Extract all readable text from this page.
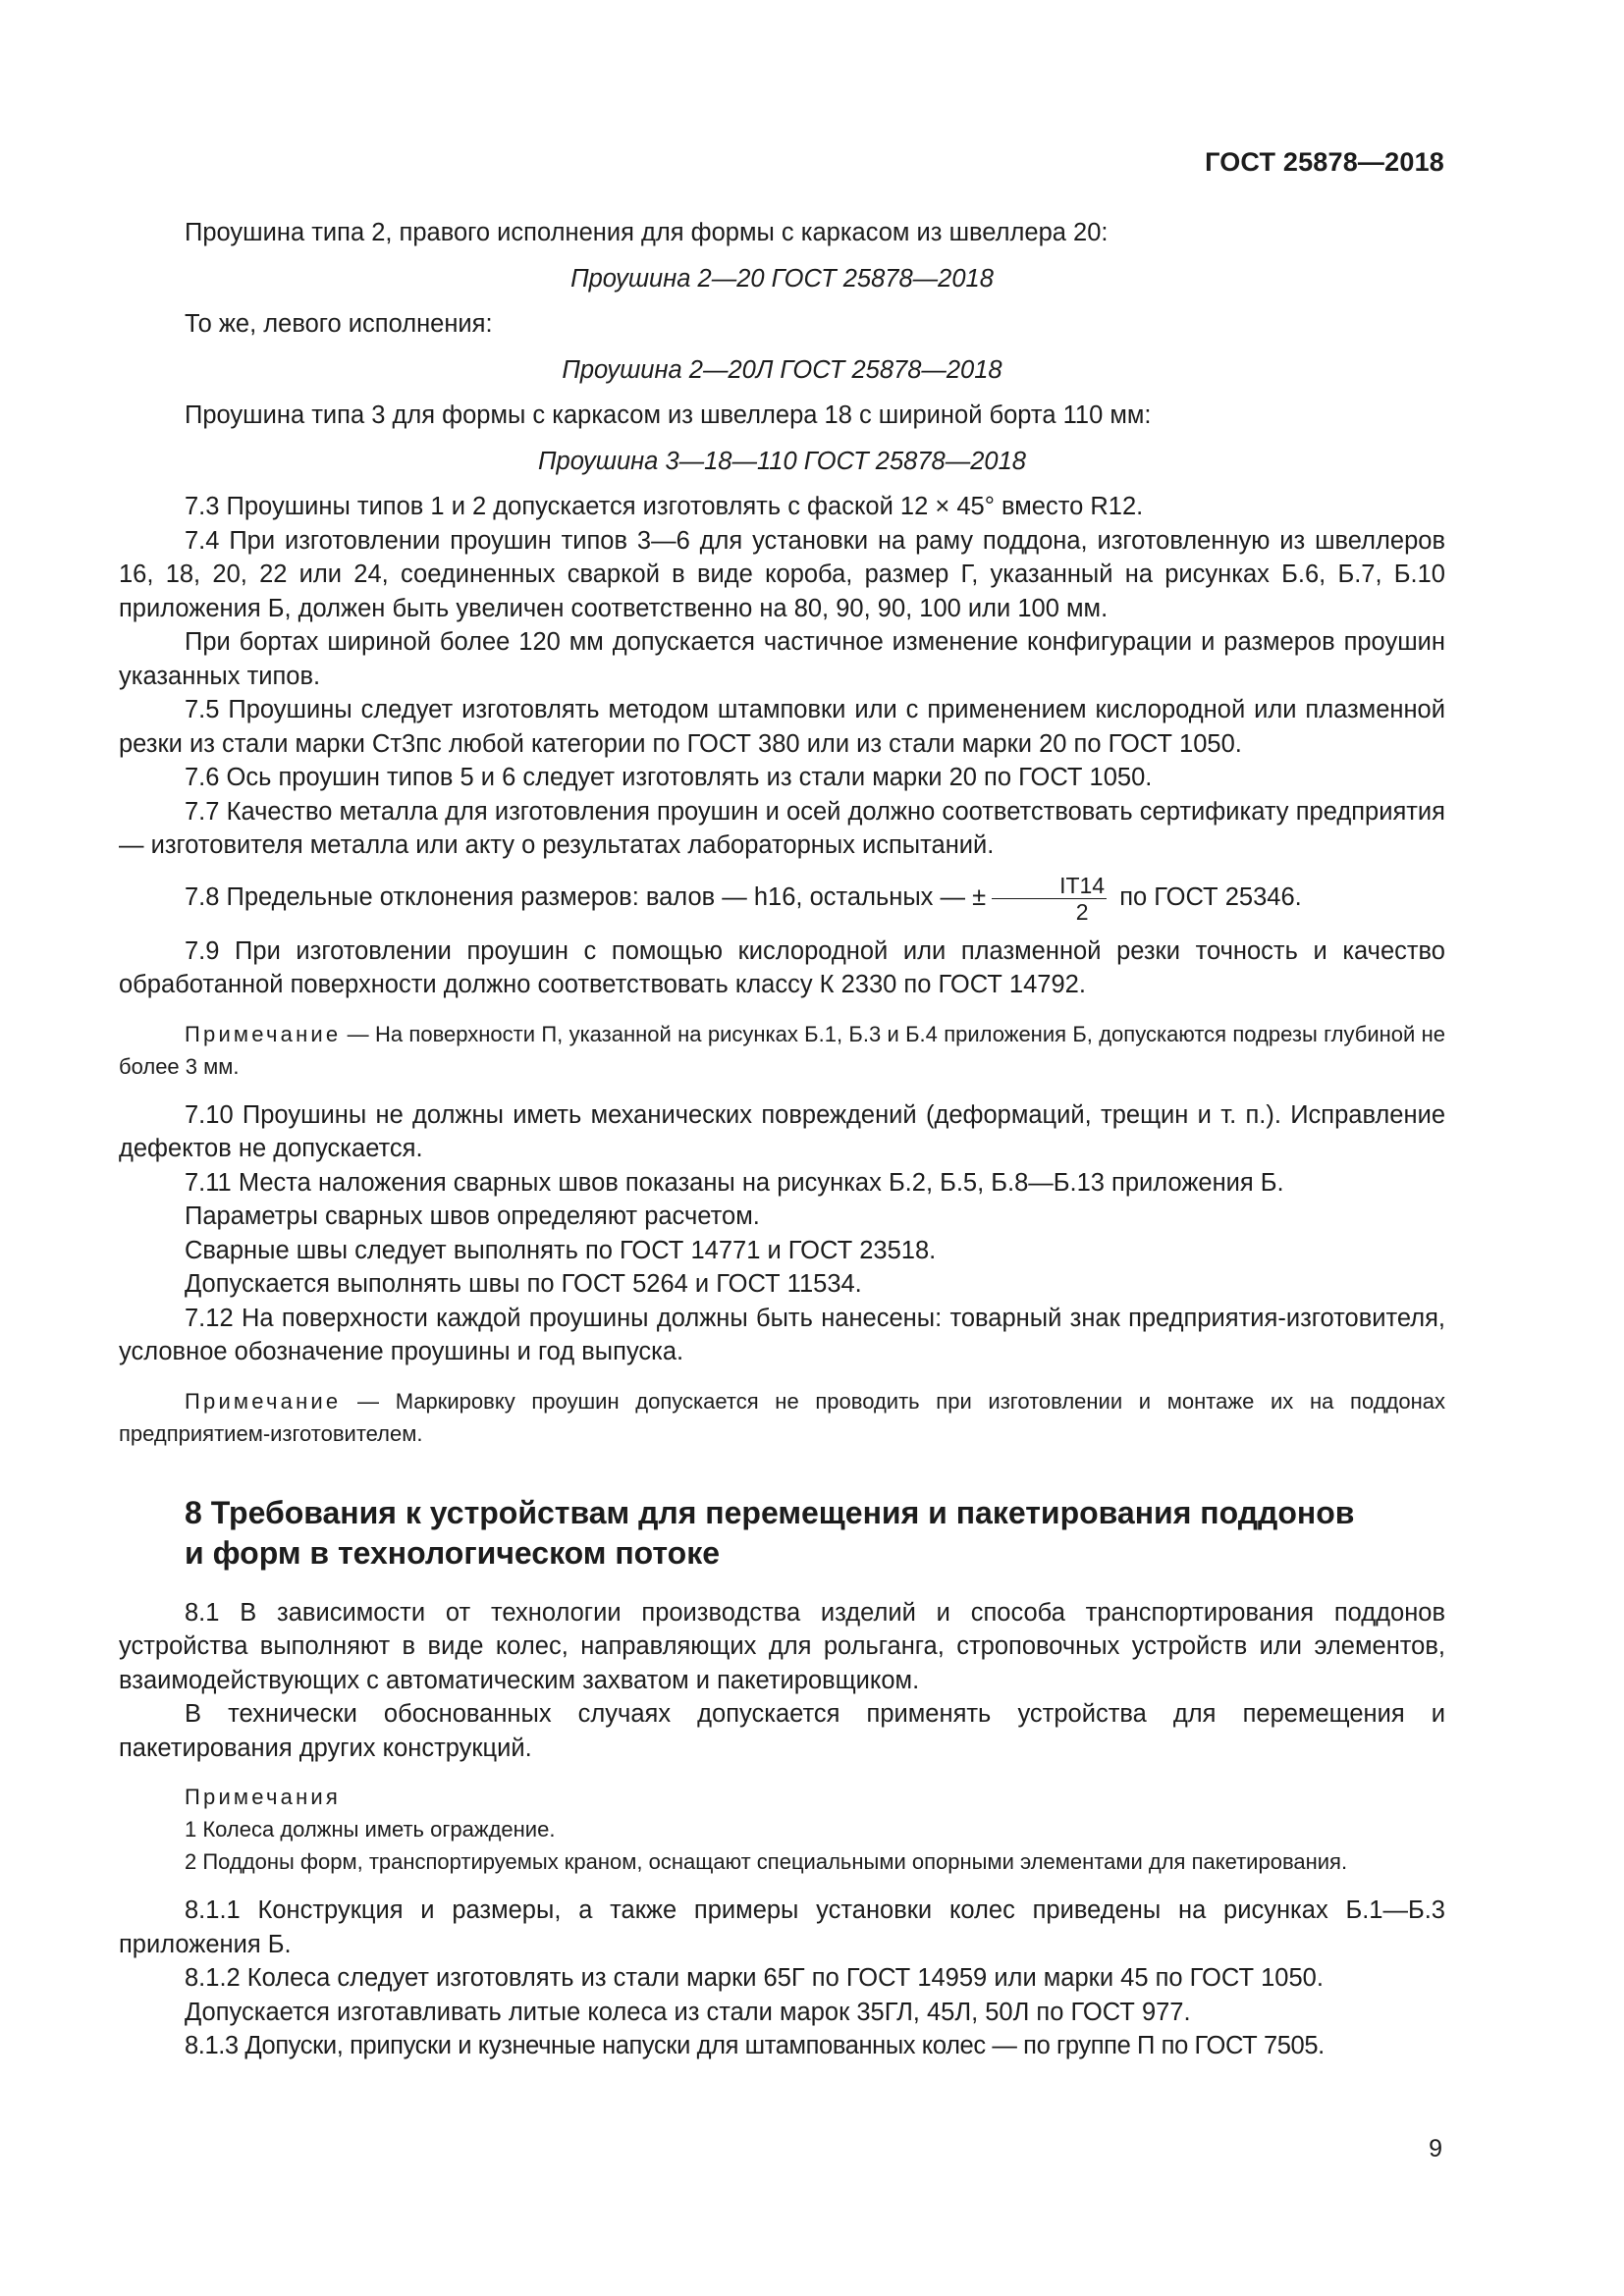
ГОСТ 25878—2018

Проушина типа 2, правого исполнения для формы с каркасом из швеллера 20:

Проушина 2—20 ГОСТ 25878—2018

То же, левого исполнения:

Проушина 2—20Л ГОСТ 25878—2018

Проушина типа 3 для формы с каркасом из швеллера 18 с шириной борта 110 мм:

Проушина 3—18—110 ГОСТ 25878—2018

7.3 Проушины типов 1 и 2 допускается изготовлять с фаской 12 × 45° вместо R12.

7.4 При изготовлении проушин типов 3—6 для установки на раму поддона, изготовленную из швеллеров 16, 18, 20, 22 или 24, соединенных сваркой в виде короба, размер Г, указанный на рисунках Б.6, Б.7, Б.10 приложения Б, должен быть увеличен соответственно на 80, 90, 90, 100 или 100 мм.

При бортах шириной более 120 мм допускается частичное изменение конфигурации и размеров проушин указанных типов.

7.5 Проушины следует изготовлять методом штамповки или с применением кислородной или плазменной резки из стали марки Ст3пс любой категории по ГОСТ 380 или из стали марки 20 по ГОСТ 1050.

7.6 Ось проушин типов 5 и 6 следует изготовлять из стали марки 20 по ГОСТ 1050.

7.7 Качество металла для изготовления проушин и осей должно соответствовать сертификату предприятия — изготовителя металла или акту о результатах лабораторных испытаний.

7.8 Предельные отклонения размеров: валов — h16, остальных — ± $\frac{IT14}{2}$ по ГОСТ 25346.

7.9 При изготовлении проушин с помощью кислородной или плазменной резки точность и качество обработанной поверхности должно соответствовать классу К 2330 по ГОСТ 14792.

Примечание — На поверхности П, указанной на рисунках Б.1, Б.3 и Б.4 приложения Б, допускаются подрезы глубиной не более 3 мм.

7.10 Проушины не должны иметь механических повреждений (деформаций, трещин и т. п.). Исправление дефектов не допускается.

7.11 Места наложения сварных швов показаны на рисунках Б.2, Б.5, Б.8—Б.13 приложения Б.

Параметры сварных швов определяют расчетом.

Сварные швы следует выполнять по ГОСТ 14771 и ГОСТ 23518.

Допускается выполнять швы по ГОСТ 5264 и ГОСТ 11534.

7.12 На поверхности каждой проушины должны быть нанесены: товарный знак предприятия-изготовителя, условное обозначение проушины и год выпуска.

Примечание — Маркировку проушин допускается не проводить при изготовлении и монтаже их на поддонах предприятием-изготовителем.

8 Требования к устройствам для перемещения и пакетирования поддонов
и форм в технологическом потоке

8.1 В зависимости от технологии производства изделий и способа транспортирования поддонов устройства выполняют в виде колес, направляющих для рольганга, строповочных устройств или элементов, взаимодействующих с автоматическим захватом и пакетировщиком.

В технически обоснованных случаях допускается применять устройства для перемещения и пакетирования других конструкций.

Примечания

1 Колеса должны иметь ограждение.

2 Поддоны форм, транспортируемых краном, оснащают специальными опорными элементами для пакетирования.

8.1.1 Конструкция и размеры, а также примеры установки колес приведены на рисунках Б.1—Б.3 приложения Б.

8.1.2 Колеса следует изготовлять из стали марки 65Г по ГОСТ 14959 или марки 45 по ГОСТ 1050.

Допускается изготавливать литые колеса из стали марок 35ГЛ, 45Л, 50Л по ГОСТ 977.

8.1.3 Допуски, припуски и кузнечные напуски для штампованных колес — по группе П по ГОСТ 7505.

9
